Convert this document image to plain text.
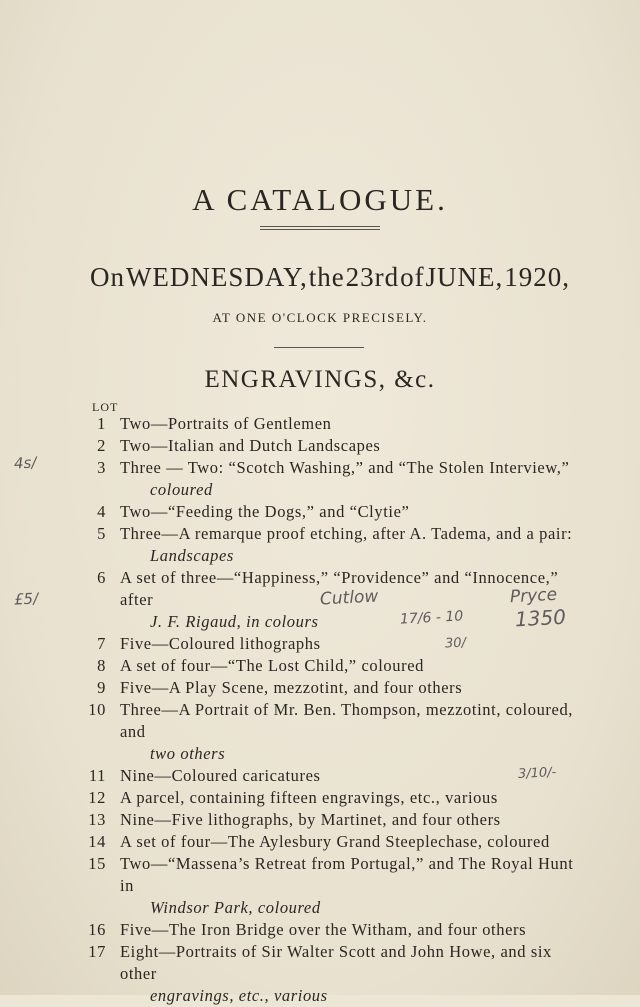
A CATALOGUE.
On WEDNESDAY, the 23rd of JUNE, 1920,
AT ONE O'CLOCK PRECISELY.
ENGRAVINGS, &c.
LOT
1 Two—Portraits of Gentlemen
2 Two—Italian and Dutch Landscapes
3 Three — Two: “Scotch Washing,” and “The Stolen Interview,”
coloured
4 Two—“Feeding the Dogs,” and “Clytie”
5 Three—A remarque proof etching, after A. Tadema, and a pair:
Landscapes
6 A set of three—“Happiness,” “Providence” and “Innocence,” after
J. F. Rigaud, in colours
7 Five—Coloured lithographs
8 A set of four—“The Lost Child,” coloured
9 Five—A Play Scene, mezzotint, and four others
10 Three—A Portrait of Mr. Ben. Thompson, mezzotint, coloured, and
two others
11 Nine—Coloured caricatures
12 A parcel, containing fifteen engravings, etc., various
13 Nine—Five lithographs, by Martinet, and four others
14 A set of four—The Aylesbury Grand Steeplechase, coloured
15 Two—“Massena’s Retreat from Portugal,” and The Royal Hunt in
Windsor Park, coloured
16 Five—The Iron Bridge over the Witham, and four others
17 Eight—Portraits of Sir Walter Scott and John Howe, and six other
engravings, etc., various
4s/
£5/	Cutlow	Pryce
17/6 - 10	1350
30/
3/10/-
